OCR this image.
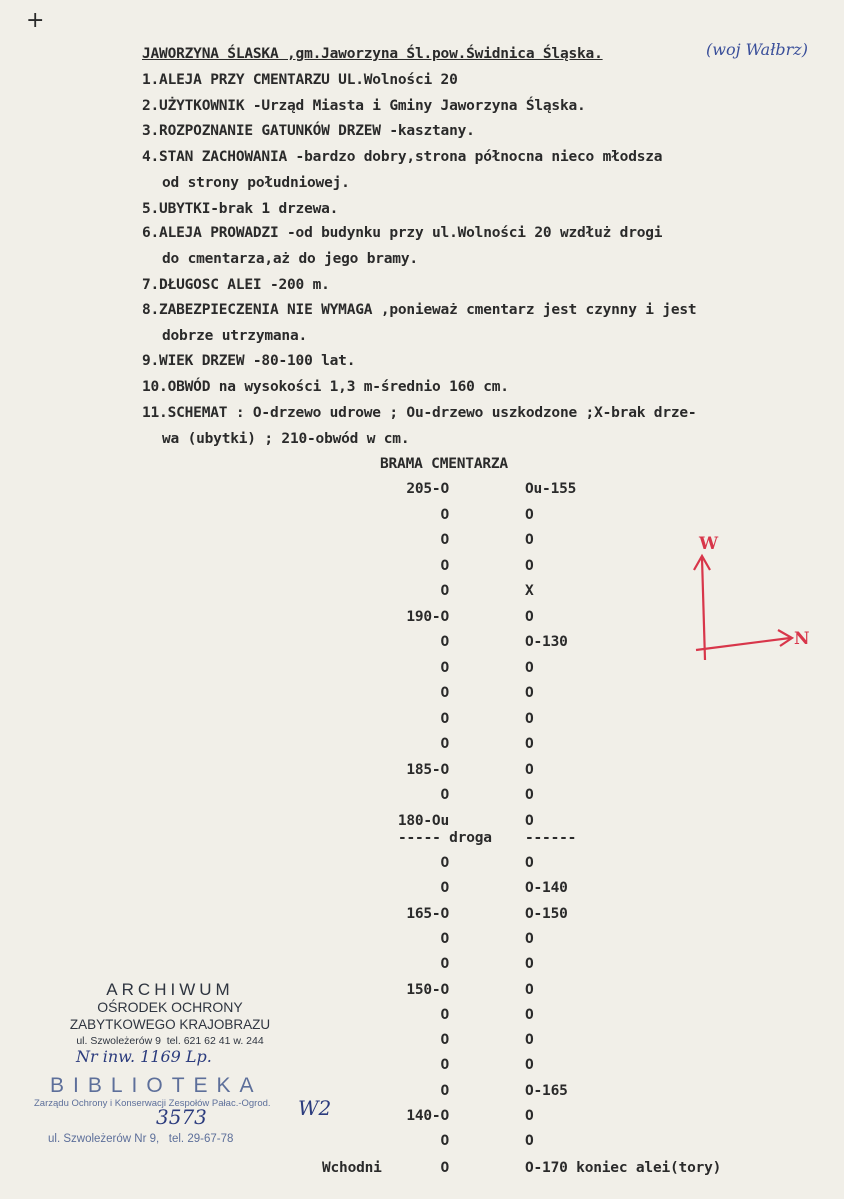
+
JAWORZYNA ŚLASKA ,gm.Jaworzyna Śl.pow.Świdnica Śląska.	(woj Wałbrz)
1.ALEJA PRZY CMENTARZU UL.Wolności 20
2.UŻYTKOWNIK -Urząd Miasta i Gminy Jaworzyna Śląska.
3.ROZPOZNANIE GATUNKÓW DRZEW -kasztany.
4.STAN ZACHOWANIA -bardzo dobry,strona północna nieco młodsza
od strony południowej.
5.UBYTKI-brak 1 drzewa.
6.ALEJA PROWADZI -od budynku przy ul.Wolności 20 wzdłuż drogi
do cmentarza,aż do jego bramy.
7.DŁUGOSC ALEI -200 m.
8.ZABEZPIECZENIA NIE WYMAGA ,ponieważ cmentarz jest czynny i jest
dobrze utrzymana.
9.WIEK DRZEW -80-100 lat.
10.OBWÓD na wysokości 1,3 m-średnio 160 cm.
11.SCHEMAT : O-drzewo udrowe ; Ou-drzewo uszkodzone ;X-brak drze-
wa (ubytki) ; 210-obwód w cm.
BRAMA CMENTARZA
205-O	Ou-155
O	O
O	O
O	O
O	X
190-O	O
O	O-130
O	O
O	O
O	O
O	O
185-O	O
O	O
180-Ou	O
----- droga ------
O	O
O	O-140
165-O	O-150
O	O
O	O
150-O	O
O	O
O	O
O	O
O	O-165
140-O	O
O	O
Wchodni	O	O-170 koniec alei(tory)
W
N
ARCHIWUM
OŚRODEK OCHRONY
ZABYTKOWEGO KRAJOBRAZU
ul. Szwoleżerów 9  tel. 621 62 41 w. 244
Nr inw. 1169 Lp.
BIBLIOTEKA
Zarządu Ochrony i Konserwacji Zespołów Pałac.-Ogrod.
3573
ul. Szwoleżerów Nr 9,   tel. 29-67-78
W2
